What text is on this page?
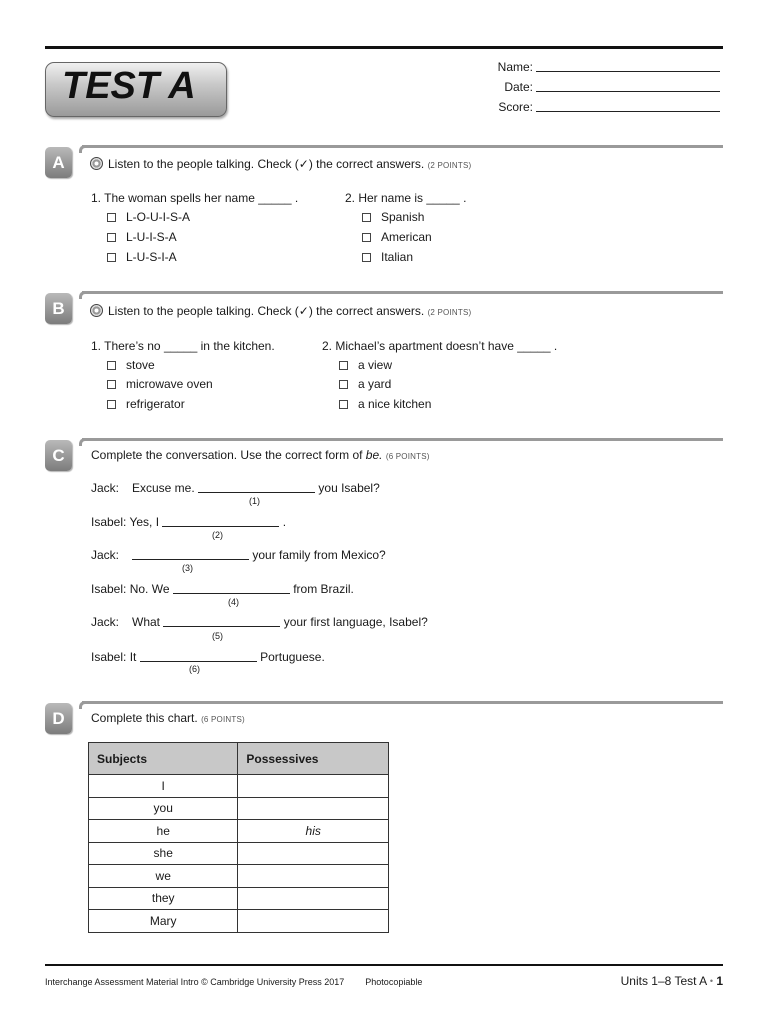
TEST A	Name:
Date:
Score:
A	Listen to the people talking. Check (✓) the correct answers. (2 POINTS)
1. The woman spells her name _____ .
L-O-U-I-S-A
L-U-I-S-A
L-U-S-I-A
2. Her name is _____ .
Spanish
American
Italian
B	Listen to the people talking. Check (✓) the correct answers. (2 POINTS)
1. There’s no _____ in the kitchen.
stove
microwave oven
refrigerator
2. Michael’s apartment doesn’t have _____ .
a view
a yard
a nice kitchen
C	Complete the conversation. Use the correct form of be. (6 POINTS)
Jack: Excuse me.	you Isabel?
(1)
Isabel: Yes, I	.
(2)
Jack:	your family from Mexico?
(3)
Isabel: No. We	from Brazil.
(4)
Jack: What	your first language, Isabel?
(5)
Isabel: It	Portuguese.
(6)
D	Complete this chart. (6 POINTS)
Subjects	Possessives
I	
you	
he	his
she	
we	
they	
Mary	
Interchange Assessment Material Intro © Cambridge University Press 2017 Photocopiable	Units 1–8 Test A • 1
